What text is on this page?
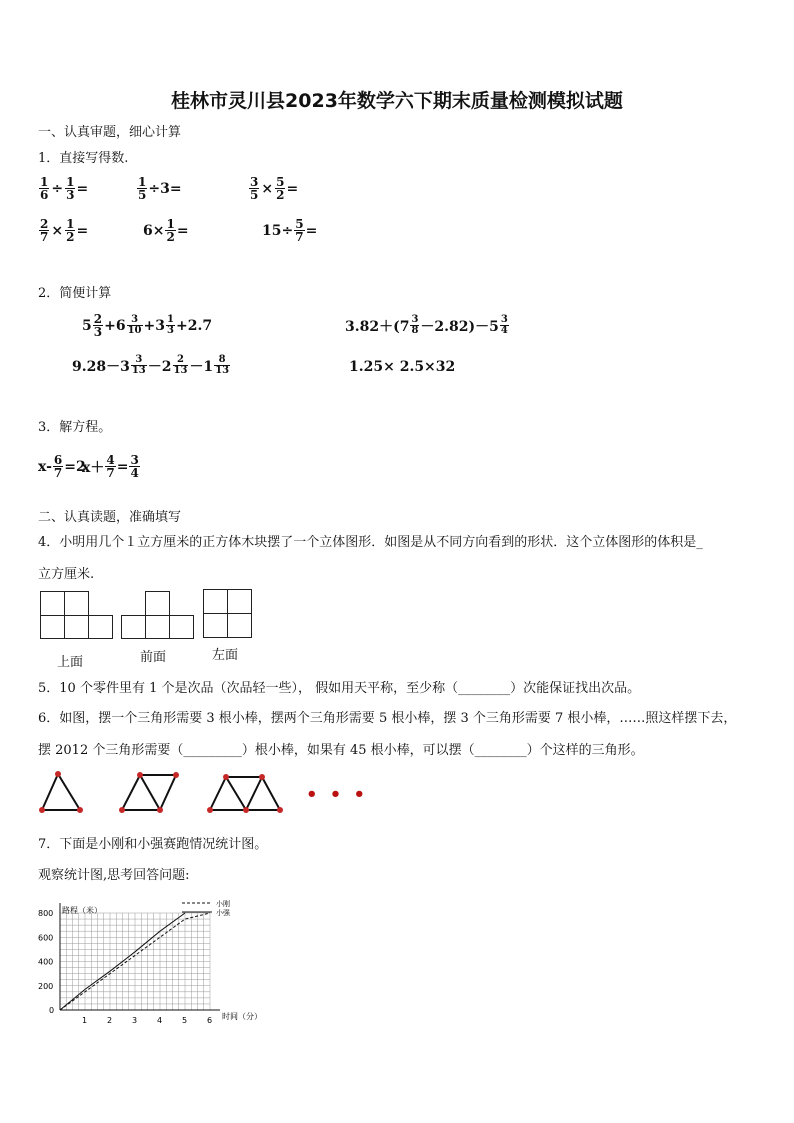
桂林市灵川县2023年数学六下期末质量检测模拟试题
一、认真审题，细心计算
1．直接写得数.
$\frac{1}{6} \div \frac{1}{3}$ =	$\frac{1}{5} \div 3=$	$\frac{3}{5} \times \frac{5}{2}$ =
$\frac{2}{7} \times \frac{1}{2}$ =	$6\times \frac{1}{2}$ =	$15\div \frac{5}{7}$ =
2．简便计算
$5 \frac{2}{3} +6 \frac{3}{10} +3 \frac{1}{3} +2.7$	$3.82+(7 \frac{3}{8} -2.82)-5 \frac{3}{4}$
$9.28-3 \frac{3}{13} -2 \frac{2}{13} -1 \frac{8}{13}$	1.25× 2.5×32
3．解方程。
$x- \frac{6}{7} =2$
$x+ \frac{4}{7} = \frac{3}{4}$
二、认真读题，准确填写
4．小明用几个１立方厘米的正方体木块摆了一个立体图形．如图是从不同方向看到的形状．这个立体图形的体积是_
立方厘米.
上面	前面	左面
5．10 个零件里有 1 个是次品（次品轻一些）， 假如用天平称，至少称（________）次能保证找出次品。
6．如图，摆一个三角形需要 3 根小棒，摆两个三角形需要 5 根小棒，摆 3 个三角形需要 7 根小棒，……照这样摆下去，
摆 2012 个三角形需要（_________）根小棒，如果有 45 根小棒，可以摆（________）个这样的三角形。
• • •
7．下面是小刚和小强赛跑情况统计图。
观察统计图,思考回答问题:
1 2 3 4 5 6
0
200
400
600
800
小刚
小强
路程（米）
时间（分）
